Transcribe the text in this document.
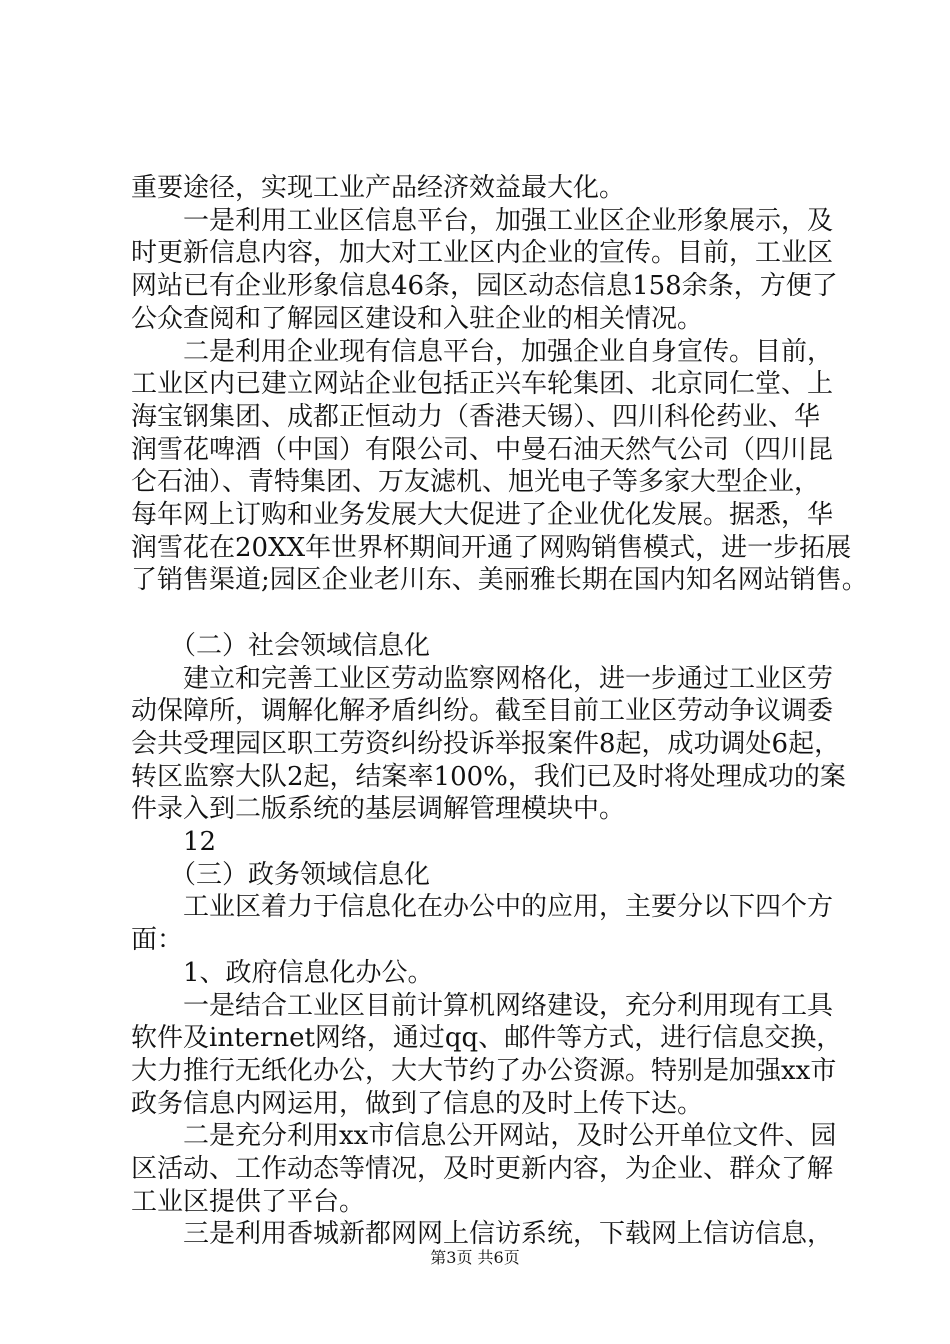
重要途径，实现工业产品经济效益最大化。
　　一是利用工业区信息平台，加强工业区企业形象展示，及
时更新信息内容，加大对工业区内企业的宣传。目前，工业区
网站已有企业形象信息46条，园区动态信息158余条，方便了
公众查阅和了解园区建设和入驻企业的相关情况。
　　二是利用企业现有信息平台，加强企业自身宣传。目前，
工业区内已建立网站企业包括正兴车轮集团、北京同仁堂、上
海宝钢集团、成都正恒动力（香港天锡）、四川科伦药业、华
润雪花啤酒（中国）有限公司、中曼石油天然气公司（四川昆
仑石油）、青特集团、万友滤机、旭光电子等多家大型企业，
每年网上订购和业务发展大大促进了企业优化发展。据悉，华
润雪花在20XX年世界杯期间开通了网购销售模式，进一步拓展
了销售渠道;园区企业老川东、美丽雅长期在国内知名网站销售。
　　（二）社会领域信息化
　　建立和完善工业区劳动监察网格化，进一步通过工业区劳
动保障所，调解化解矛盾纠纷。截至目前工业区劳动争议调委
会共受理园区职工劳资纠纷投诉举报案件8起，成功调处6起，
转区监察大队2起，结案率100%，我们已及时将处理成功的案
件录入到二版系统的基层调解管理模块中。
　　12
　　（三）政务领域信息化
　　工业区着力于信息化在办公中的应用，主要分以下四个方
面：
　　1、政府信息化办公。
　　一是结合工业区目前计算机网络建设，充分利用现有工具
软件及internet网络，通过qq、邮件等方式，进行信息交换，
大力推行无纸化办公，大大节约了办公资源。特别是加强xx市
政务信息内网运用，做到了信息的及时上传下达。
　　二是充分利用xx市信息公开网站，及时公开单位文件、园
区活动、工作动态等情况，及时更新内容，为企业、群众了解
工业区提供了平台。
　　三是利用香城新都网网上信访系统，下载网上信访信息，
第3页 共6页
